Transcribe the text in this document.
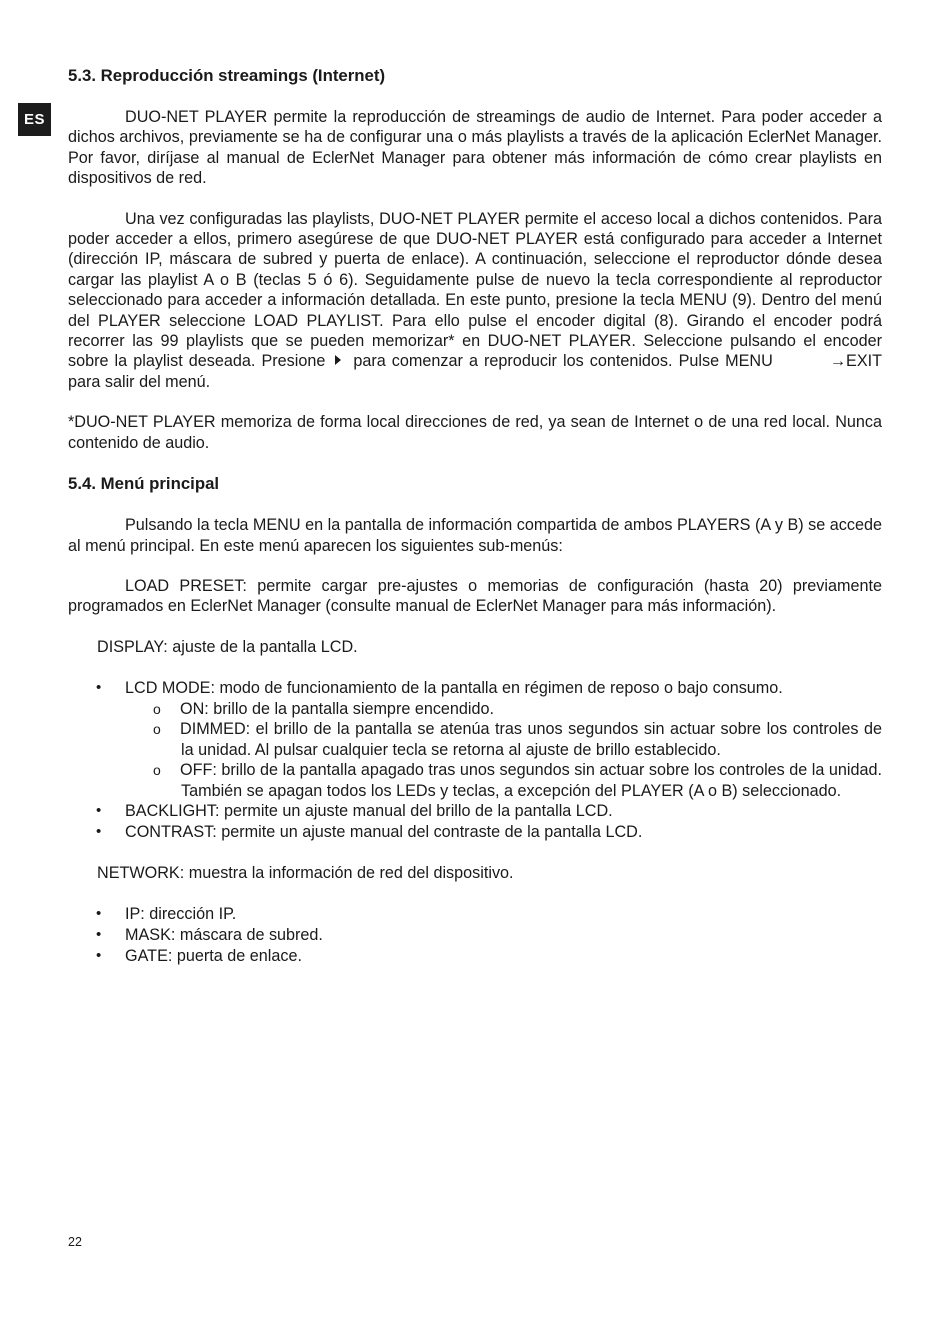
ES
5.3. Reproducción streamings (Internet)

DUO-NET PLAYER permite la reproducción de streamings de audio de Internet. Para poder acceder a dichos archivos, previamente se ha de configurar una o más playlists a través de la aplicación EclerNet Manager. Por favor, diríjase al manual de EclerNet Manager para obtener más información de cómo crear playlists en dispositivos de red.

Una vez configuradas las playlists, DUO-NET PLAYER permite el acceso local a dichos contenidos. Para poder acceder a ellos, primero asegúrese de que DUO-NET PLAYER está configurado para acceder a Internet (dirección IP, máscara de subred y puerta de enlace). A continuación, seleccione el reproductor dónde desea cargar las playlist A o B (teclas 5 ó 6). Seguidamente pulse de nuevo la tecla correspondiente al reproductor seleccionado para acceder a información detallada. En este punto, presione la tecla MENU (9). Dentro del menú del PLAYER seleccione LOAD PLAYLIST. Para ello pulse el encoder digital (8). Girando el encoder podrá recorrer las 99 playlists que se pueden memorizar* en DUO-NET PLAYER. Seleccione pulsando el encoder sobre la playlist deseada. Presione para comenzar a reproducir los contenidos. Pulse MENU	→EXIT para salir del menú.

*DUO-NET PLAYER memoriza de forma local direcciones de red, ya sean de Internet o de una red local. Nunca contenido de audio.

5.4. Menú principal

Pulsando la tecla MENU en la pantalla de información compartida de ambos PLAYERS (A y B) se accede al menú principal. En este menú aparecen los siguientes sub-menús:

LOAD PRESET: permite cargar pre-ajustes o memorias de configuración (hasta 20) previamente programados en EclerNet Manager (consulte manual de EclerNet Manager para más información).

DISPLAY: ajuste de la pantalla LCD.

• LCD MODE: modo de funcionamiento de la pantalla en régimen de reposo o bajo consumo.
o ON: brillo de la pantalla siempre encendido.
o DIMMED: el brillo de la pantalla se atenúa tras unos segundos sin actuar sobre los controles de la unidad. Al pulsar cualquier tecla se retorna al ajuste de brillo establecido.
o OFF: brillo de la pantalla apagado tras unos segundos sin actuar sobre los controles de la unidad. También se apagan todos los LEDs y teclas, a excepción del PLAYER (A o B) seleccionado.
• BACKLIGHT: permite un ajuste manual del brillo de la pantalla LCD.
• CONTRAST: permite un ajuste manual del contraste de la pantalla LCD.

NETWORK: muestra la información de red del dispositivo.

• IP: dirección IP.
• MASK: máscara de subred.
• GATE: puerta de enlace.
22
